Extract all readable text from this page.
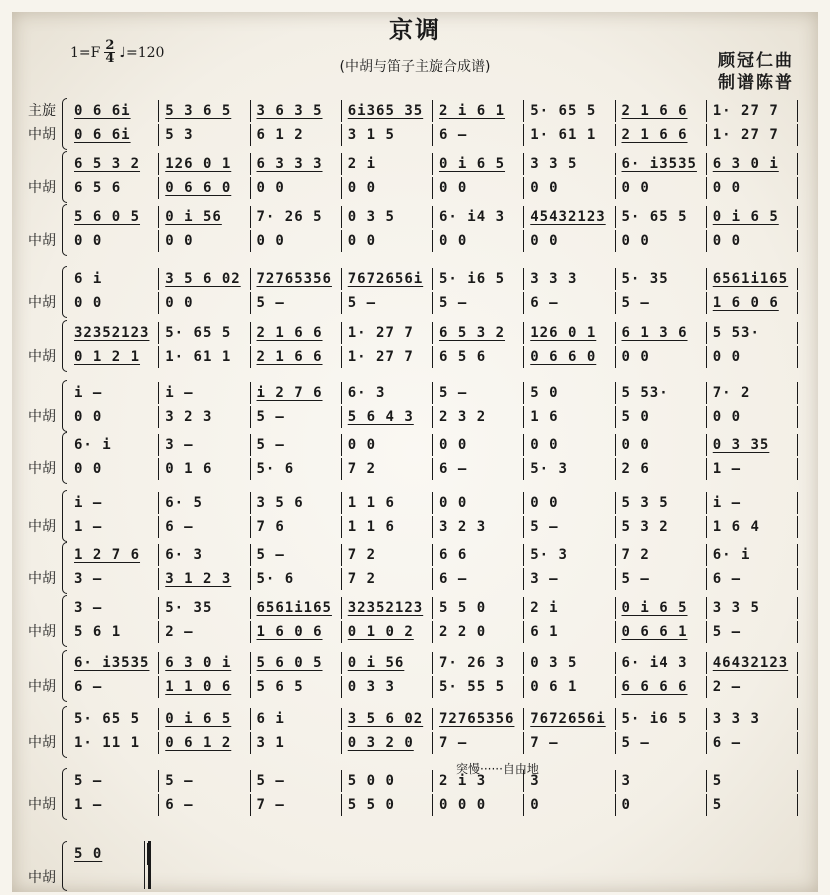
京调
(中胡与笛子主旋合成谱)
$1=F \frac{2}{4}$ ♩=120	顾冠仁曲
制谱陈普
主旋	0 6 6i	5 3 6 5	3 6 3 5	6i365 35	2 i 6 1	5· 65 5	2 1 6 6	1· 27 7
中胡	0 6 6i	5 3	6 1 2	3 1 5	6 –	1· 61 1	2 1 6 6	1· 27 7
6 5 3 2	126 0 1	6 3 3 3	2 i	0 i 6 5	3 3 5	6· i3535	6 3 0 i
中胡	6 5 6	0 6 6 0	0 0	0 0	0 0	0 0	0 0	0 0
5 6 0 5	0 i 56	7· 26 5	0 3 5	6· i4 3	45432123	5· 65 5	0 i 6 5
中胡	0 0	0 0	0 0	0 0	0 0	0 0	0 0	0 0
6 i	3 5 6 02	72765356	7672656i	5· i6 5	3 3 3	5· 35	6561i165
中胡	0 0	0 0	5 –	5 –	5 –	6 –	5 –	1 6 0 6
32352123	5· 65 5	2 1 6 6	1· 27 7	6 5 3 2	126 0 1	6 1 3 6	5 53·
中胡	0 1 2 1	1· 61 1	2 1 6 6	1· 27 7	6 5 6	0 6 6 0	0 0	0 0
i –	i –	i 2 7 6	6· 3	5 –	5 0	5 53·	7· 2
中胡	0 0	3 2 3	5 –	5 6 4 3	2 3 2	1 6	5 0	0 0
6· i	3 –	5 –	0 0	0 0	0 0	0 0	0 3 35
中胡	0 0	0 1 6	5· 6	7 2	6 –	5· 3	2 6	1 –
i –	6· 5	3 5 6	1 1 6	0 0	0 0	5 3 5	i –
中胡	1 –	6 –	7 6	1 1 6	3 2 3	5 –	5 3 2	1 6 4
1 2 7 6	6· 3	5 –	7 2	6 6	5· 3	7 2	6· i
中胡	3 –	3 1 2 3	5· 6	7 2	6 –	3 –	5 –	6 –
3 –	5· 35	6561i165	32352123	5 5 0	2 i	0 i 6 5	3 3 5
中胡	5 6 1	2 –	1 6 0 6	0 1 0 2	2 2 0	6 1	0 6 6 1	5 –
6· i3535	6 3 0 i	5 6 0 5	0 i 56	7· 26 3	0 3 5	6· i4 3	46432123
中胡	6 –	1 1 0 6	5 6 5	0 3 3	5· 55 5	0 6 1	6 6 6 6	2 –
5· 65 5	0 i 6 5	6 i	3 5 6 02	72765356	7672656i	5· i6 5	3 3 3
中胡	1· 11 1	0 6 1 2	3 1	0 3 2 0	7 –	7 –	5 –	6 –
5 –	5 –	5 –	5 0 0	2 i 3	3	3	5
中胡	1 –	6 –	7 –	5 5 0	0 0 0	0	0	5
突慢······自由地
5 0
中胡
